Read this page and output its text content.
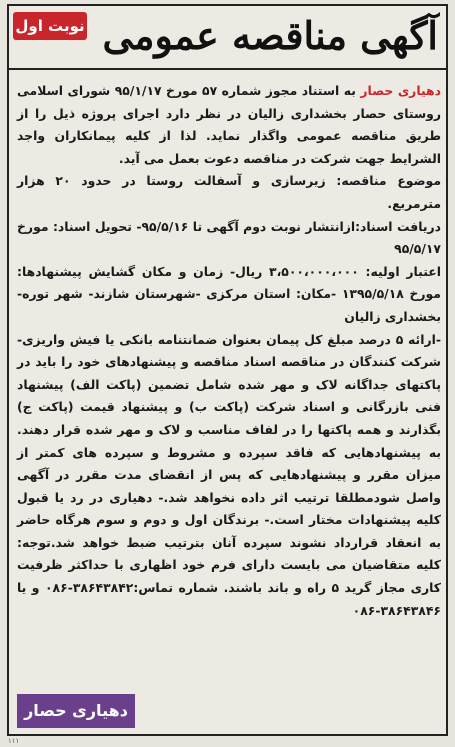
آگهی مناقصه عمومی
نوبت اول

دهیاری حصار به استناد مجوز شماره ۵۷ مورخ ۹۵/۱/۱۷ شورای اسلامی روستای حصار بخشداری زالیان در نظر دارد اجرای پروژه ذیل را از طریق مناقصه عمومی واگذار نماید. لذا از کلیه پیمانکاران واجد الشرایط جهت شرکت در مناقصه دعوت بعمل می آید.

موضوع مناقصه: زیرسازی و آسفالت روستا در حدود ۲۰ هزار مترمربع.

دریافت اسناد:ازانتشار نوبت دوم آگهی تا ۹۵/۵/۱۶- تحویل اسناد: مورخ ۹۵/۵/۱۷

اعتبار اولیه: ۳،۵۰۰،۰۰۰،۰۰۰ ریال- زمان و مکان گشایش پیشنهادها: مورخ ۱۳۹۵/۵/۱۸ -مکان: استان مرکزی -شهرستان شازند- شهر توره- بخشداری زالیان

-ارائه ۵ درصد مبلغ کل پیمان بعنوان ضمانتنامه بانکی یا فیش واریزی- شرکت کنندگان در مناقصه اسناد مناقصه و پیشنهادهای خود را باید در پاکتهای جداگانه لاک و مهر شده شامل تضمین (پاکت الف) پیشنهاد فنی بازرگانی و اسناد شرکت (پاکت ب) و پیشنهاد قیمت (پاکت ج) بگذارند و همه پاکتها را در لفاف مناسب و لاک و مهر شده قرار دهند. به پیشنهادهایی که فاقد سپرده و مشروط و سپرده های کمتر از میزان مقرر و پیشنهادهایی که پس از انقضای مدت مقرر در آگهی واصل شودمطلقا ترتیب اثر داده نخواهد شد.- دهیاری در رد یا قبول کلیه پیشنهادات مختار است.- برندگان اول و دوم و سوم هرگاه حاضر به انعقاد قرارداد نشوند سپرده آنان بترتیب ضبط خواهد شد.توجه: کلیه متقاضیان می بایست دارای فرم خود اظهاری با حداکثر ظرفیت کاری مجاز گرید ۵ راه و باند باشند. شماره تماس:۳۸۶۴۳۸۴۲-۰۸۶ و یا ۳۸۶۴۳۸۴۶-۰۸۶

دهیاری حصار
۱۱۱
